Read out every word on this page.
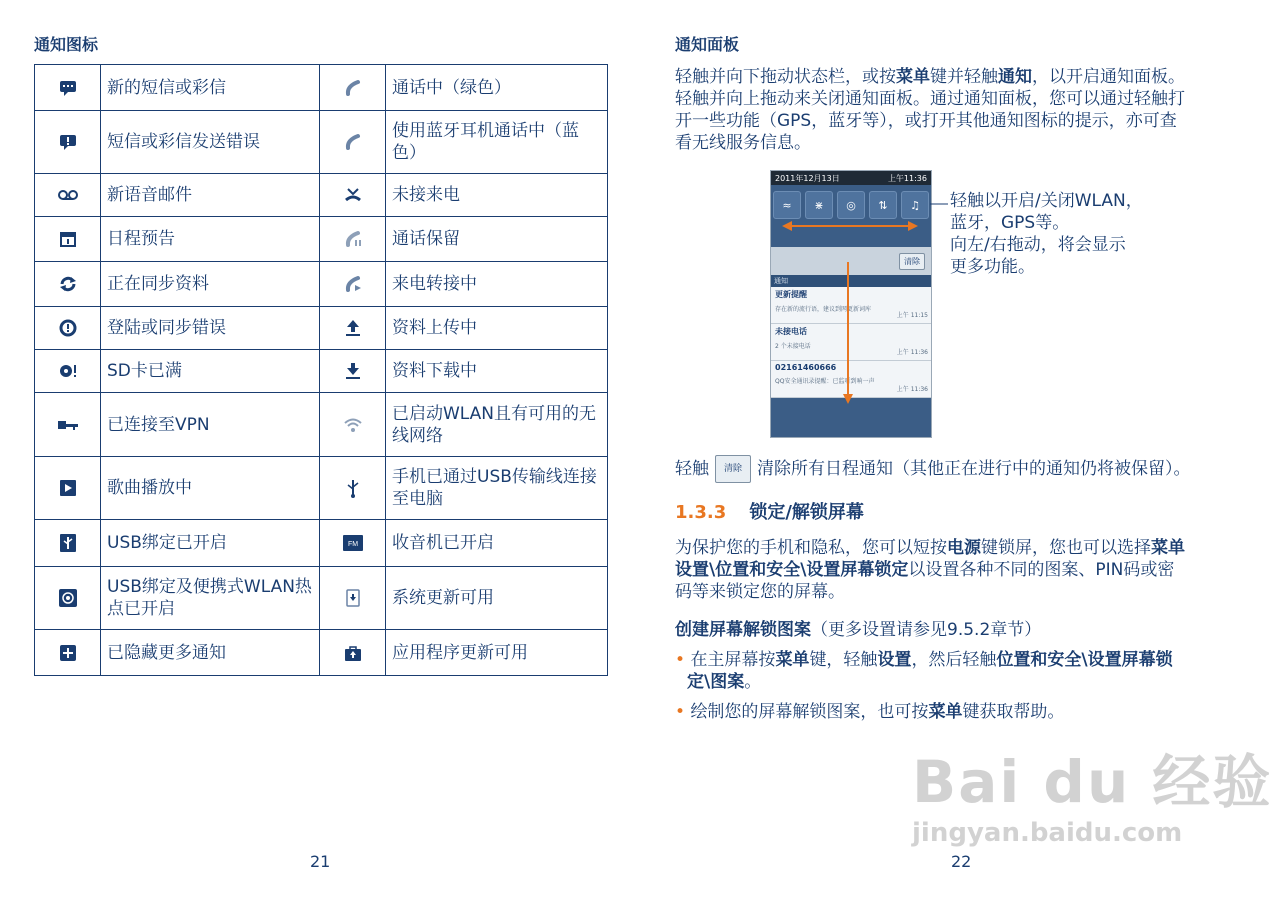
通知图标
	新的短信或彩信		通话中（绿色）

	短信或彩信发送错误		使用蓝牙耳机通话中（蓝色）

	新语音邮件		未接来电

	日程预告		通话保留

	正在同步资料		来电转接中

	登陆或同步错误		资料上传中

	SD卡已满		资料下载中

	已连接至VPN		已启动WLAN且有可用的无线网络

	歌曲播放中		手机已通过USB传输线连接至电脑

	USB绑定已开启	FM	收音机已开启

	USB绑定及便携式WLAN热点已开启		系统更新可用

	已隐藏更多通知		应用程序更新可用
21
通知面板
轻触并向下拖动状态栏，或按菜单键并轻触通知，以开启通知面板。
轻触并向上拖动来关闭通知面板。通过通知面板，您可以通过轻触打
开一些功能（GPS，蓝牙等），或打开其他通知图标的提示，亦可查
看无线服务信息。
2011年12月13日	上午11:36
≈	⋇	◎	⇅	♫
清除
通知
更新提醒
存在新的流行语，建议到网更新词库
上午 11:15
未接电话
2 个未接电话
上午 11:36
02161460666
QQ安全通讯录提醒：已监听到响一声
上午 11:36
轻触以开启/关闭WLAN，
蓝牙，GPS等。
向左/右拖动，将会显示
更多功能。
轻触 清除 清除所有日程通知（其他正在进行中的通知仍将被保留）。
1.3.3 锁定/解锁屏幕
为保护您的手机和隐私，您可以短按电源键锁屏，您也可以选择菜单
设置\位置和安全\设置屏幕锁定以设置各种不同的图案、PIN码或密
码等来锁定您的屏幕。
创建屏幕解锁图案（更多设置请参见9.5.2章节）
• 在主屏幕按菜单键，轻触设置，然后轻触位置和安全\设置屏幕锁
定\图案。
• 绘制您的屏幕解锁图案，也可按菜单键获取帮助。
Bai du 经验
jingyan.baidu.com
22
